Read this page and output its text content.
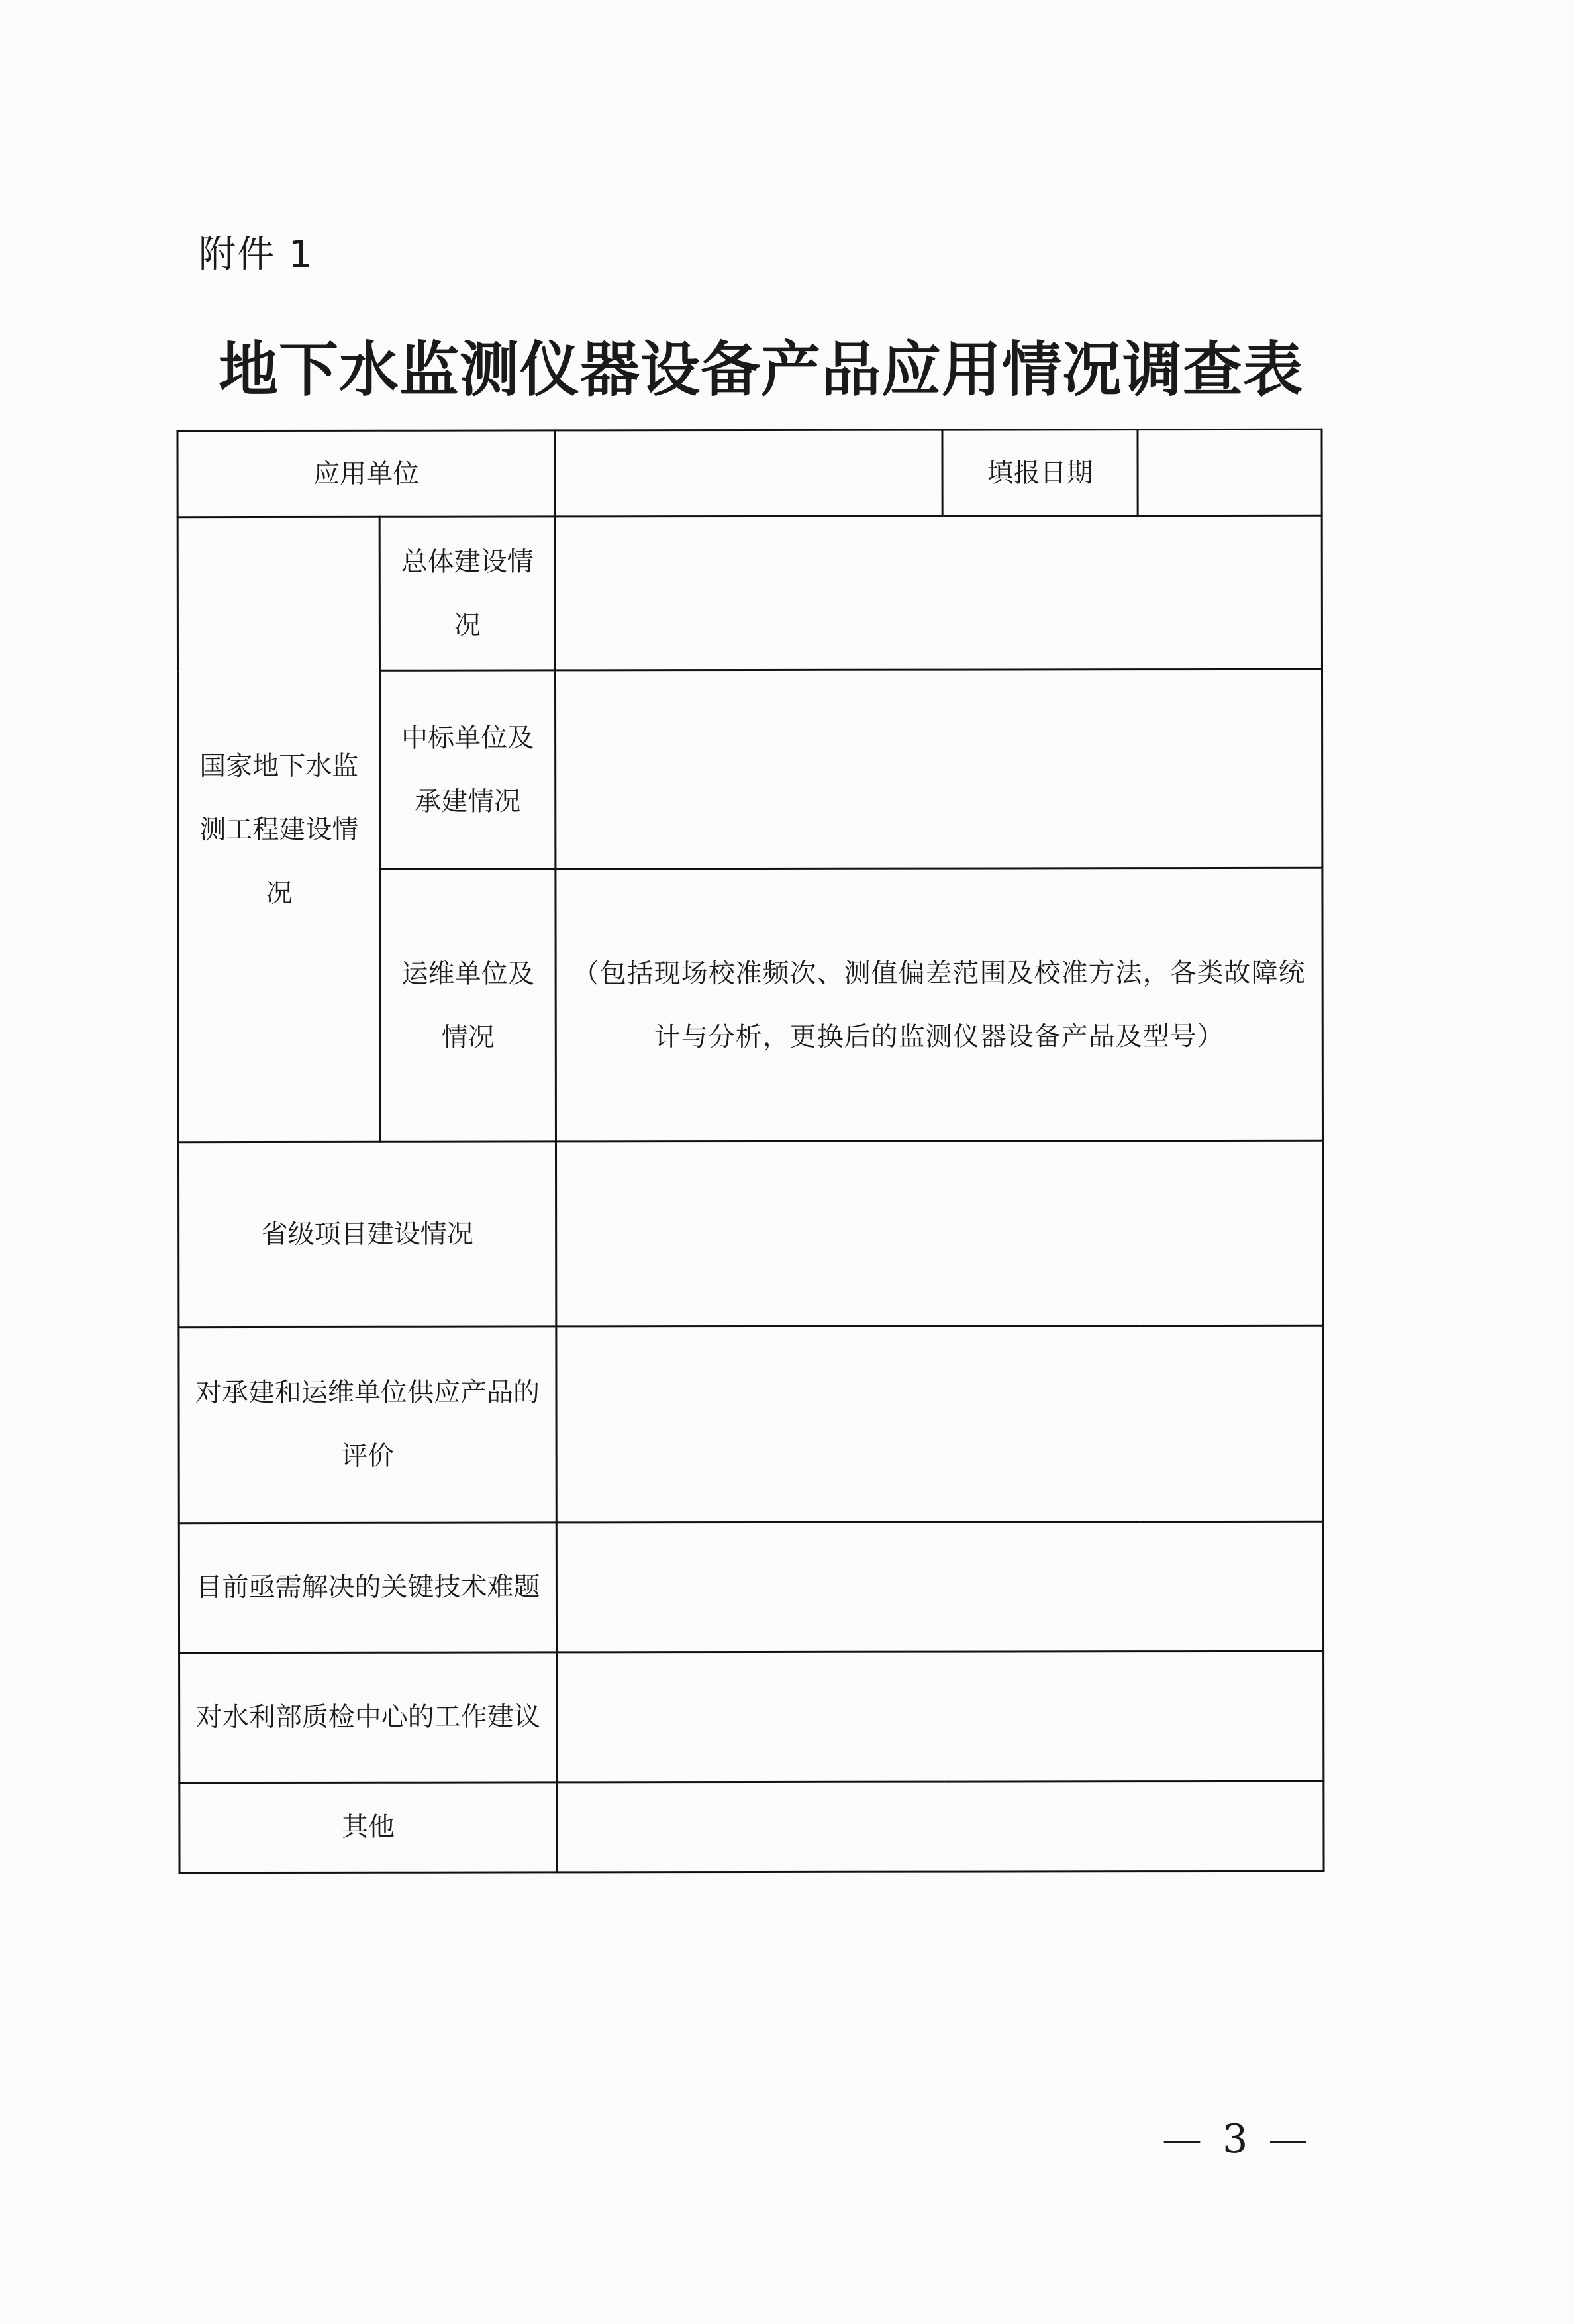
附件 1
地下水监测仪器设备产品应用情况调查表
应用单位			填报日期	
国家地下水监测工程建设情况	总体建设情况			
	中标单位及承建情况			
	运维单位及情况	（包括现场校准频次、测值偏差范围及校准方法，各类故障统计与分析，更换后的监测仪器设备产品及型号）		
省级项目建设情况				
对承建和运维单位供应产品的评价				
目前亟需解决的关键技术难题				
对水利部质检中心的工作建议				
其他				
— 3 —
